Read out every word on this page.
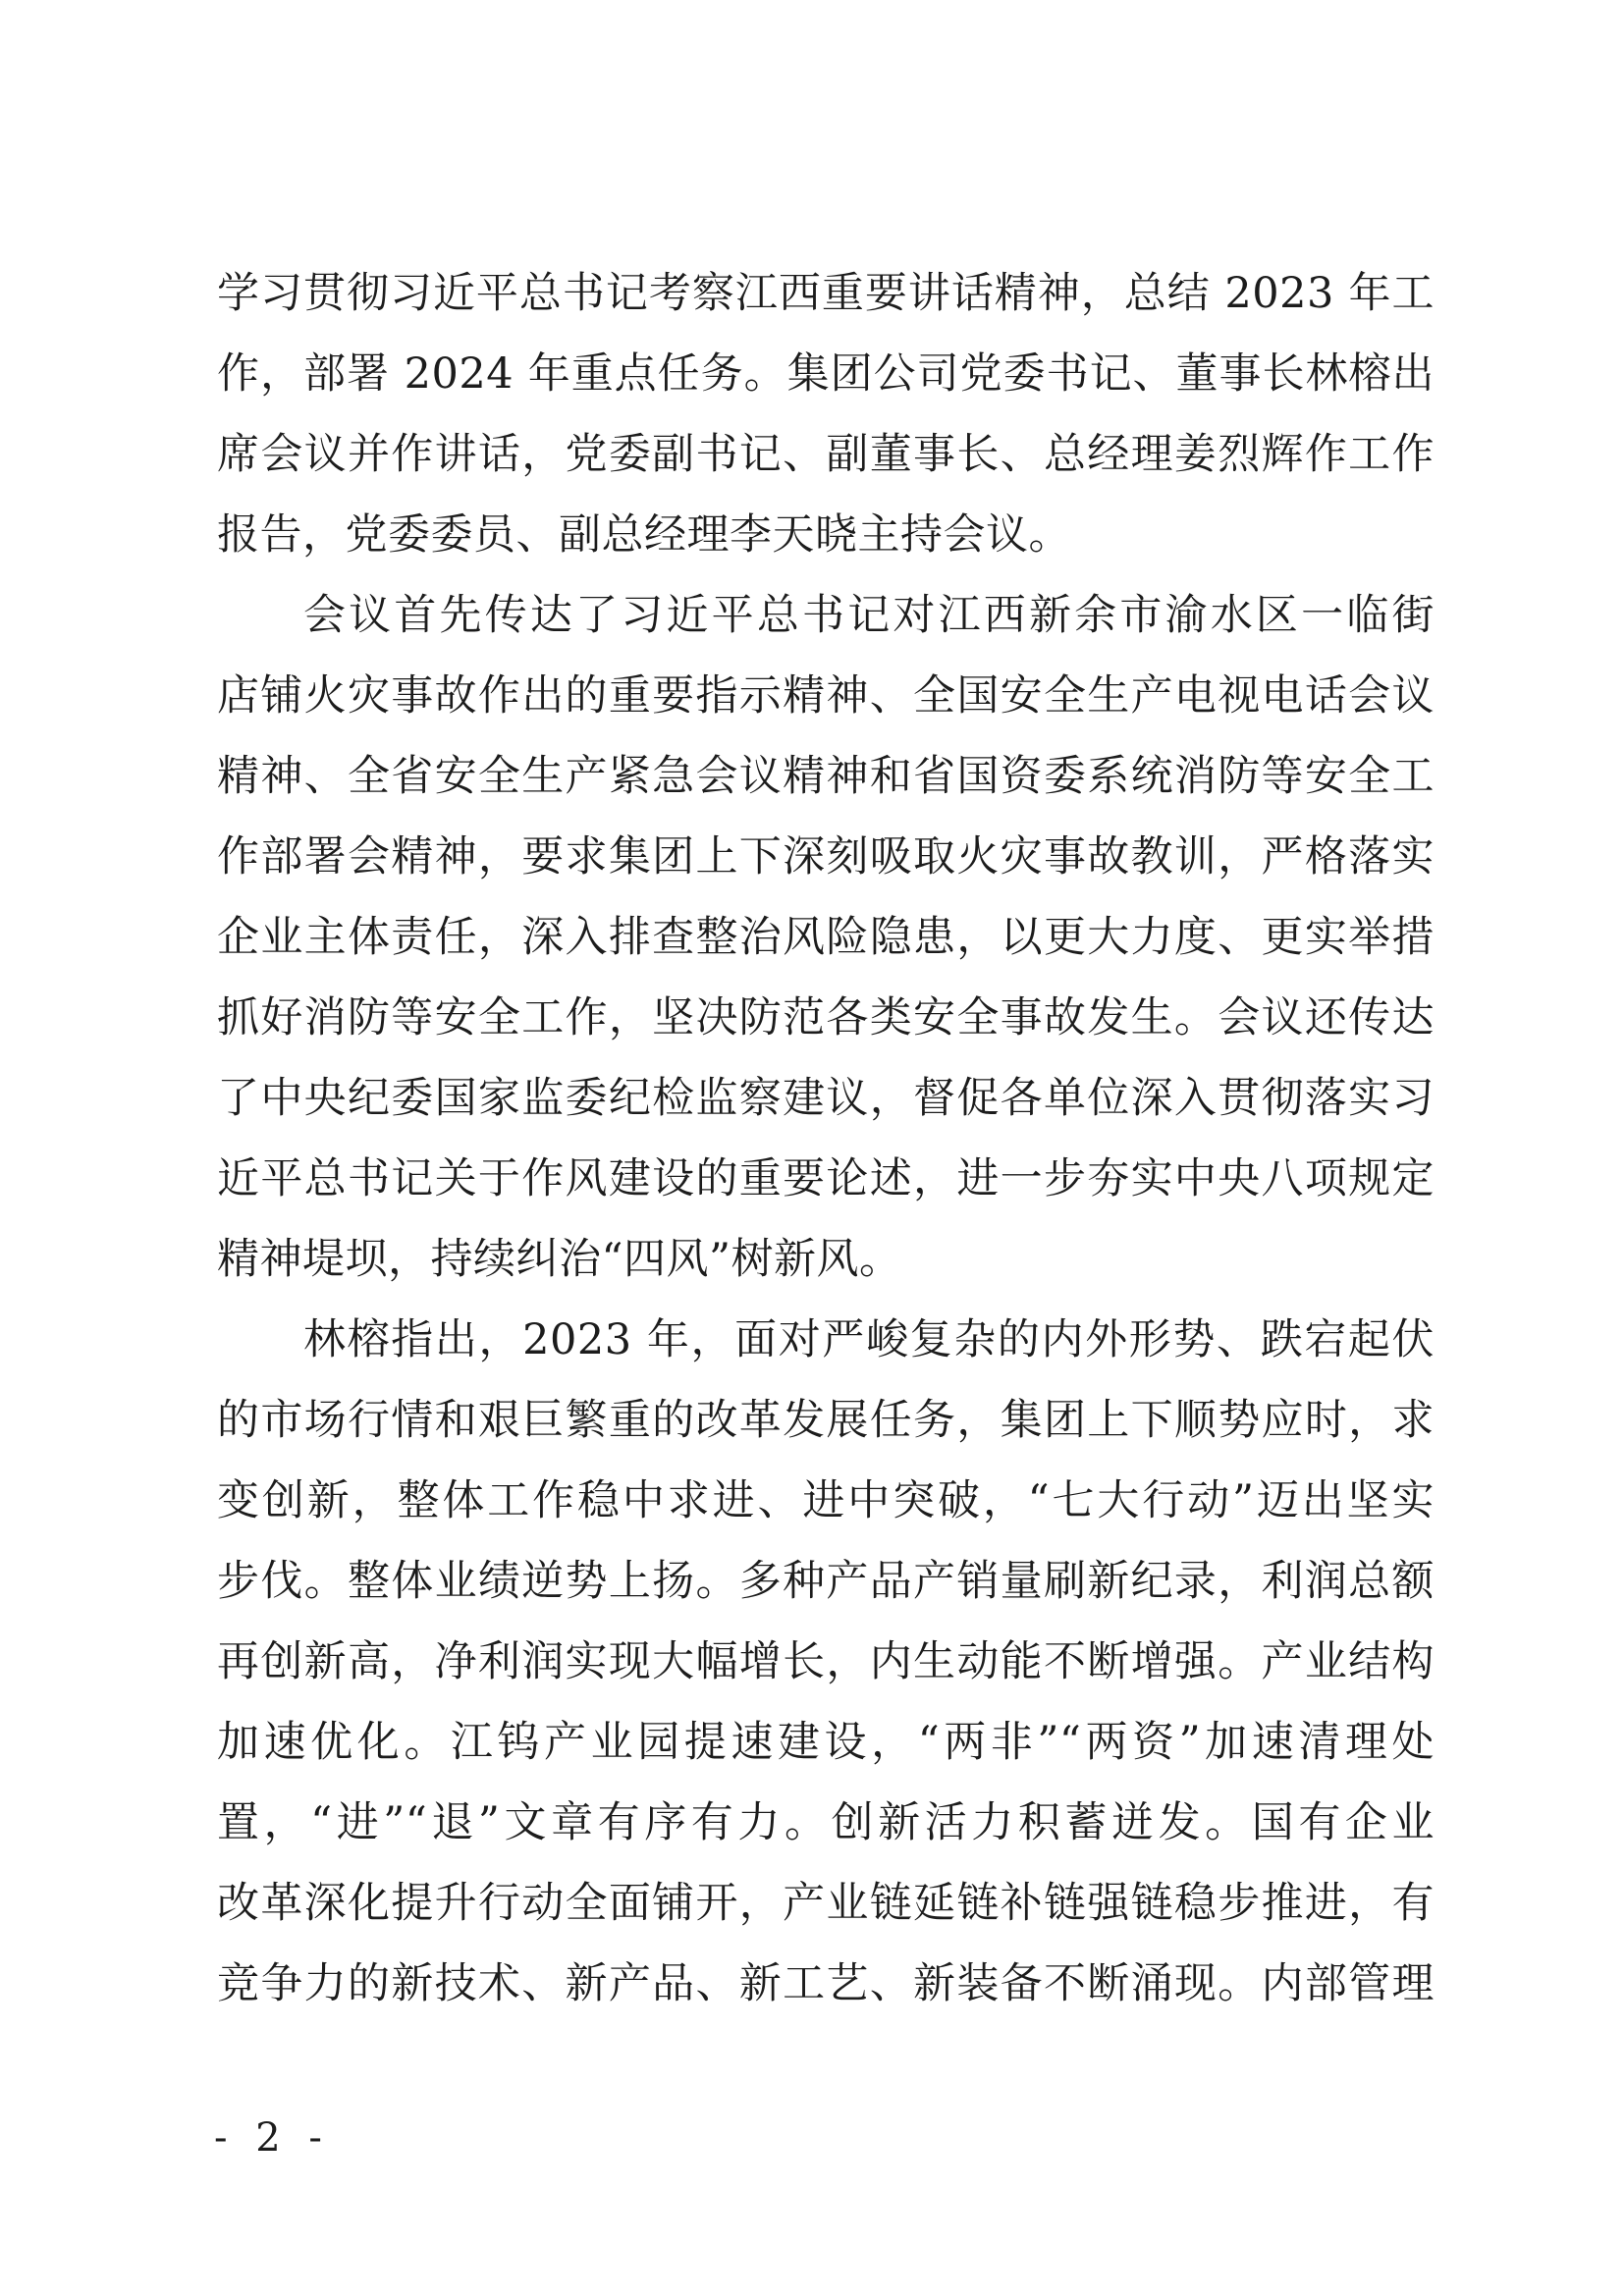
学习贯彻习近平总书记考察江西重要讲话精神，总结 2023 年工
作，部署 2024 年重点任务。集团公司党委书记、董事长林榕出
席会议并作讲话，党委副书记、副董事长、总经理姜烈辉作工作
报告，党委委员、副总经理李天晓主持会议。
会议首先传达了习近平总书记对江西新余市渝水区一临街
店铺火灾事故作出的重要指示精神、全国安全生产电视电话会议
精神、全省安全生产紧急会议精神和省国资委系统消防等安全工
作部署会精神，要求集团上下深刻吸取火灾事故教训，严格落实
企业主体责任，深入排查整治风险隐患，以更大力度、更实举措
抓好消防等安全工作，坚决防范各类安全事故发生。会议还传达
了中央纪委国家监委纪检监察建议，督促各单位深入贯彻落实习
近平总书记关于作风建设的重要论述，进一步夯实中央八项规定
精神堤坝，持续纠治“四风”树新风。
林榕指出，2023 年，面对严峻复杂的内外形势、跌宕起伏
的市场行情和艰巨繁重的改革发展任务，集团上下顺势应时，求
变创新，整体工作稳中求进、进中突破，“七大行动”迈出坚实
步伐。整体业绩逆势上扬。多种产品产销量刷新纪录，利润总额
再创新高，净利润实现大幅增长，内生动能不断增强。产业结构
加速优化。江钨产业园提速建设，“两非”“两资”加速清理处
置，“进”“退”文章有序有力。创新活力积蓄迸发。国有企业
改革深化提升行动全面铺开，产业链延链补链强链稳步推进，有
竞争力的新技术、新产品、新工艺、新装备不断涌现。内部管理
- 2 -
